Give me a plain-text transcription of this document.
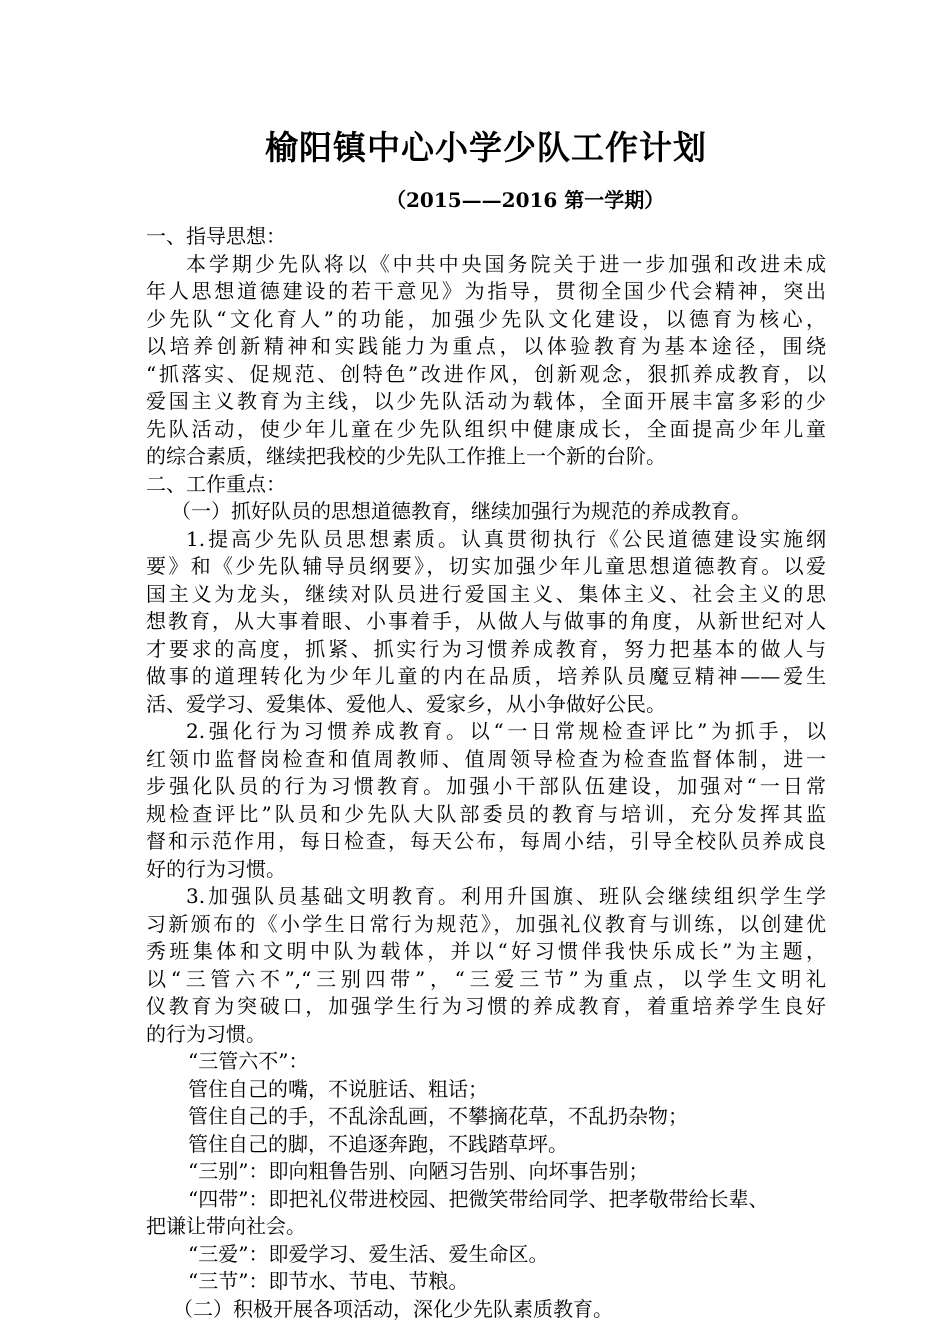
榆阳镇中心小学少队工作计划
（2015——2016 第一学期）
一、指导思想：
本学期少先队将以《中共中央国务院关于进一步加强和改进未成
年人思想道德建设的若干意见》为指导，贯彻全国少代会精神，突出
少先队“文化育人”的功能，加强少先队文化建设，以德育为核心，
以培养创新精神和实践能力为重点，以体验教育为基本途径，围绕
“抓落实、促规范、创特色”改进作风，创新观念，狠抓养成教育，以
爱国主义教育为主线，以少先队活动为载体，全面开展丰富多彩的少
先队活动，使少年儿童在少先队组织中健康成长，全面提高少年儿童
的综合素质，继续把我校的少先队工作推上一个新的台阶。
二、工作重点：
（一）抓好队员的思想道德教育，继续加强行为规范的养成教育。
1.提高少先队员思想素质。认真贯彻执行《公民道德建设实施纲
要》和《少先队辅导员纲要》，切实加强少年儿童思想道德教育。以爱
国主义为龙头，继续对队员进行爱国主义、集体主义、社会主义的思
想教育，从大事着眼、小事着手，从做人与做事的角度，从新世纪对人
才要求的高度，抓紧、抓实行为习惯养成教育，努力把基本的做人与
做事的道理转化为少年儿童的内在品质，培养队员魔豆精神——爱生
活、爱学习、爱集体、爱他人、爱家乡，从小争做好公民。
2.强化行为习惯养成教育。以“一日常规检查评比”为抓手，以
红领巾监督岗检查和值周教师、值周领导检查为检查监督体制，进一
步强化队员的行为习惯教育。加强小干部队伍建设，加强对“一日常
规检查评比”队员和少先队大队部委员的教育与培训，充分发挥其监
督和示范作用，每日检查，每天公布，每周小结，引导全校队员养成良
好的行为习惯。
3.加强队员基础文明教育。利用升国旗、班队会继续组织学生学
习新颁布的《小学生日常行为规范》，加强礼仪教育与训练，以创建优
秀班集体和文明中队为载体，并以“好习惯伴我快乐成长”为主题，
以“三管六不”,“三别四带”，“三爱三节”为重点，以学生文明礼
仪教育为突破口，加强学生行为习惯的养成教育，着重培养学生良好
的行为习惯。
“三管六不”：
管住自己的嘴，不说脏话、粗话；
管住自己的手，不乱涂乱画，不攀摘花草，不乱扔杂物；
管住自己的脚，不追逐奔跑，不践踏草坪。
“三别”：即向粗鲁告别、向陋习告别、向坏事告别；
“四带”：即把礼仪带进校园、把微笑带给同学、把孝敬带给长辈、
把谦让带向社会。
“三爱”：即爱学习、爱生活、爱生命区。
“三节”：即节水、节电、节粮。
（二）积极开展各项活动，深化少先队素质教育。
